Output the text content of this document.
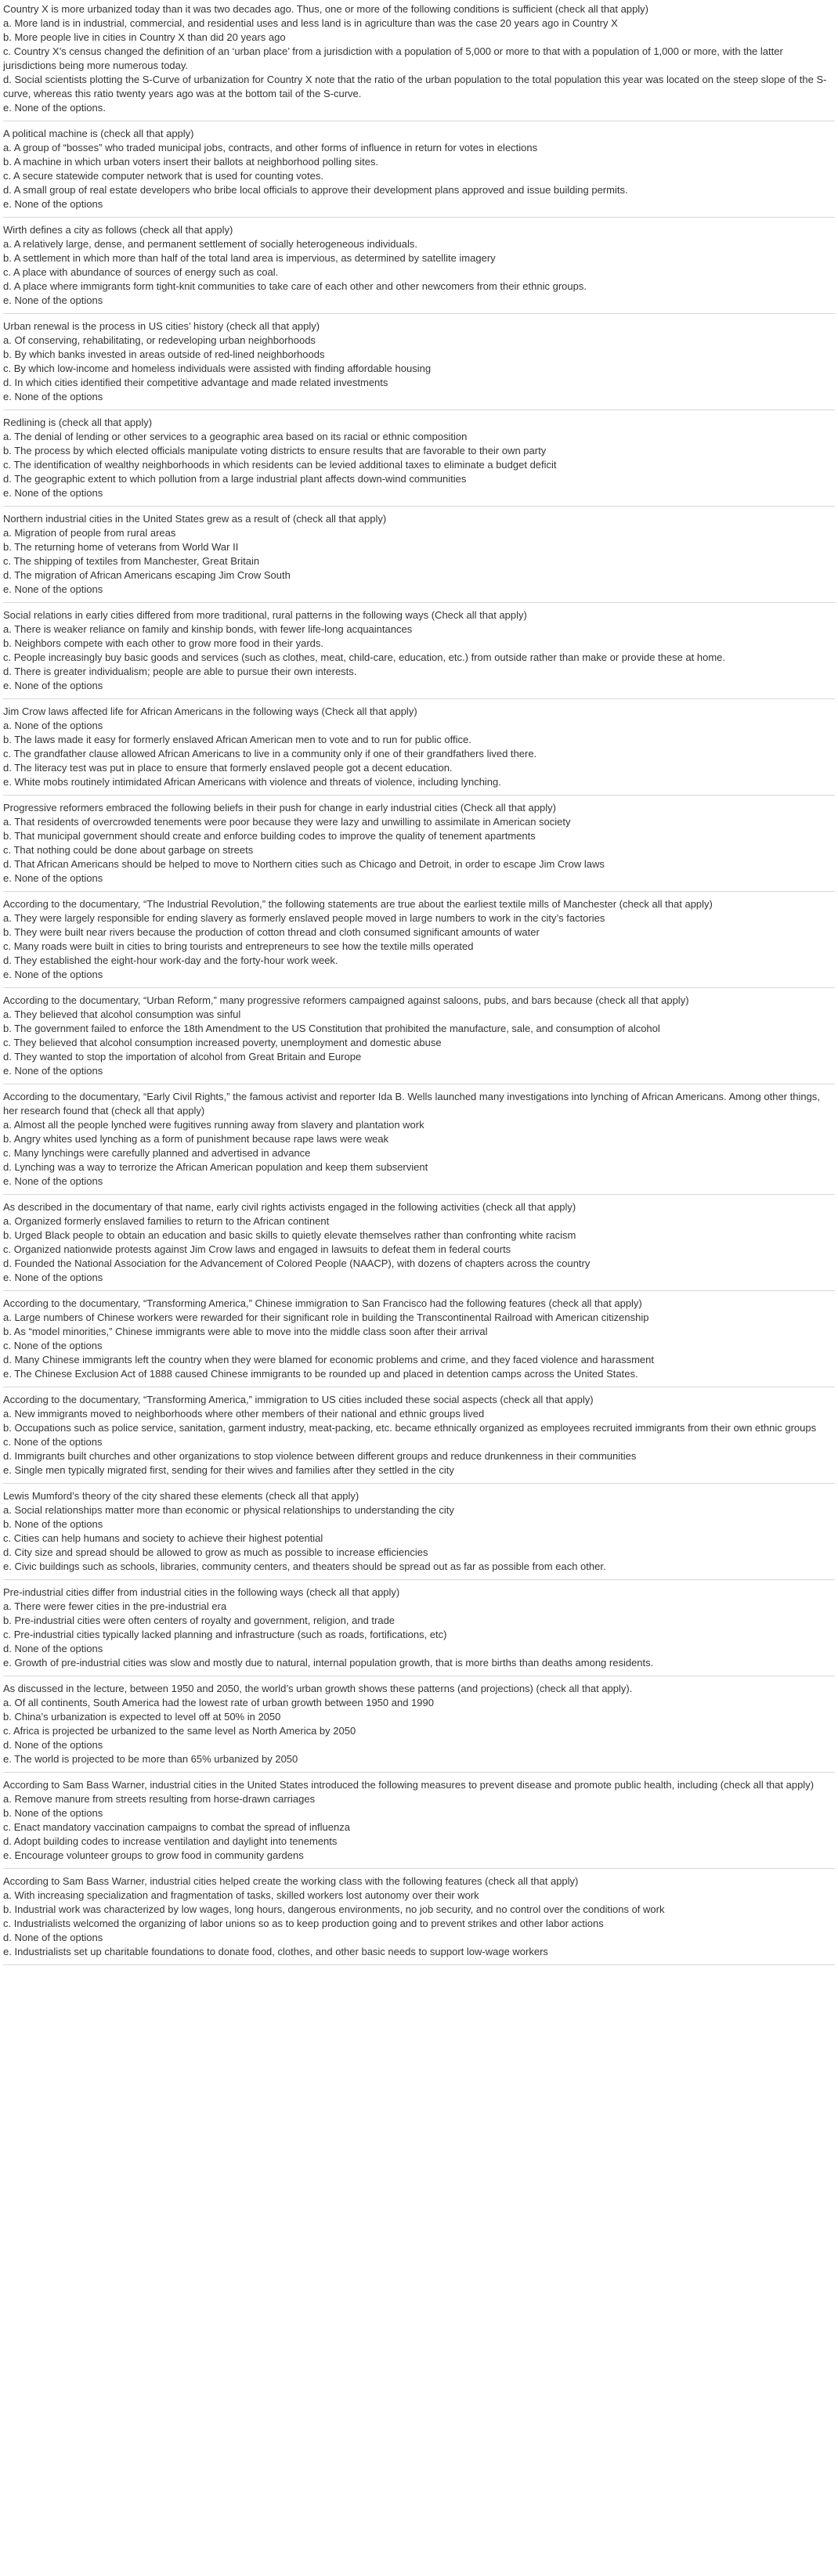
Country X is more urbanized today than it was two decades ago. Thus, one or more of the following conditions is sufficient (check all that apply)

a. More land is in industrial, commercial, and residential uses and less land is in agriculture than was the case 20 years ago in Country X

b. More people live in cities in Country X than did 20 years ago

c. Country X’s census changed the definition of an ‘urban place’ from a jurisdiction with a population of 5,000 or more to that with a population of 1,000 or more, with the latter jurisdictions being more numerous today.

d. Social scientists plotting the S-Curve of urbanization for Country X note that the ratio of the urban population to the total population this year was located on the steep slope of the S-curve, whereas this ratio twenty years ago was at the bottom tail of the S-curve.

e. None of the options.

A political machine is (check all that apply)

a. A group of “bosses” who traded municipal jobs, contracts, and other forms of influence in return for votes in elections

b. A machine in which urban voters insert their ballots at neighborhood polling sites.

c. A secure statewide computer network that is used for counting votes.

d. A small group of real estate developers who bribe local officials to approve their development plans approved and issue building permits.

e. None of the options

Wirth defines a city as follows (check all that apply)

a. A relatively large, dense, and permanent settlement of socially heterogeneous individuals.

b. A settlement in which more than half of the total land area is impervious, as determined by satellite imagery

c. A place with abundance of sources of energy such as coal.

d. A place where immigrants form tight-knit communities to take care of each other and other newcomers from their ethnic groups.

e. None of the options

Urban renewal is the process in US cities’ history (check all that apply)

a. Of conserving, rehabilitating, or redeveloping urban neighborhoods

b. By which banks invested in areas outside of red-lined neighborhoods

c. By which low-income and homeless individuals were assisted with finding affordable housing

d. In which cities identified their competitive advantage and made related investments

e. None of the options

Redlining is (check all that apply)

a. The denial of lending or other services to a geographic area based on its racial or ethnic composition

b. The process by which elected officials manipulate voting districts to ensure results that are favorable to their own party

c. The identification of wealthy neighborhoods in which residents can be levied additional taxes to eliminate a budget deficit

d. The geographic extent to which pollution from a large industrial plant affects down-wind communities

e. None of the options

Northern industrial cities in the United States grew as a result of (check all that apply)

a. Migration of people from rural areas

b. The returning home of veterans from World War II

c. The shipping of textiles from Manchester, Great Britain

d. The migration of African Americans escaping Jim Crow South

e. None of the options

Social relations in early cities differed from more traditional, rural patterns in the following ways (Check all that apply)

a. There is weaker reliance on family and kinship bonds, with fewer life-long acquaintances

b. Neighbors compete with each other to grow more food in their yards.

c. People increasingly buy basic goods and services (such as clothes, meat, child-care, education, etc.) from outside rather than make or provide these at home.

d. There is greater individualism; people are able to pursue their own interests.

e. None of the options

Jim Crow laws affected life for African Americans in the following ways (Check all that apply)

a. None of the options

b. The laws made it easy for formerly enslaved African American men to vote and to run for public office.

c. The grandfather clause allowed African Americans to live in a community only if one of their grandfathers lived there.

d. The literacy test was put in place to ensure that formerly enslaved people got a decent education.

e. White mobs routinely intimidated African Americans with violence and threats of violence, including lynching.

Progressive reformers embraced the following beliefs in their push for change in early industrial cities (Check all that apply)

a. That residents of overcrowded tenements were poor because they were lazy and unwilling to assimilate in American society

b. That municipal government should create and enforce building codes to improve the quality of tenement apartments

c. That nothing could be done about garbage on streets

d. That African Americans should be helped to move to Northern cities such as Chicago and Detroit, in order to escape Jim Crow laws

e. None of the options

According to the documentary, “The Industrial Revolution,” the following statements are true about the earliest textile mills of Manchester (check all that apply)

a. They were largely responsible for ending slavery as formerly enslaved people moved in large numbers to work in the city’s factories

b. They were built near rivers because the production of cotton thread and cloth consumed significant amounts of water

c. Many roads were built in cities to bring tourists and entrepreneurs to see how the textile mills operated

d. They established the eight-hour work-day and the forty-hour work week.

e. None of the options

According to the documentary, “Urban Reform,” many progressive reformers campaigned against saloons, pubs, and bars because (check all that apply)

a. They believed that alcohol consumption was sinful

b. The government failed to enforce the 18th Amendment to the US Constitution that prohibited the manufacture, sale, and consumption of alcohol

c. They believed that alcohol consumption increased poverty, unemployment and domestic abuse

d. They wanted to stop the importation of alcohol from Great Britain and Europe

e. None of the options

According to the documentary, “Early Civil Rights,” the famous activist and reporter Ida B. Wells launched many investigations into lynching of African Americans. Among other things, her research found that (check all that apply)

a. Almost all the people lynched were fugitives running away from slavery and plantation work

b. Angry whites used lynching as a form of punishment because rape laws were weak

c. Many lynchings were carefully planned and advertised in advance

d. Lynching was a way to terrorize the African American population and keep them subservient

e. None of the options

As described in the documentary of that name, early civil rights activists engaged in the following activities (check all that apply)

a. Organized formerly enslaved families to return to the African continent

b. Urged Black people to obtain an education and basic skills to quietly elevate themselves rather than confronting white racism

c. Organized nationwide protests against Jim Crow laws and engaged in lawsuits to defeat them in federal courts

d. Founded the National Association for the Advancement of Colored People (NAACP), with dozens of chapters across the country

e. None of the options

According to the documentary, “Transforming America,” Chinese immigration to San Francisco had the following features (check all that apply)

a. Large numbers of Chinese workers were rewarded for their significant role in building the Transcontinental Railroad with American citizenship

b. As “model minorities,” Chinese immigrants were able to move into the middle class soon after their arrival

c. None of the options

d. Many Chinese immigrants left the country when they were blamed for economic problems and crime, and they faced violence and harassment

e. The Chinese Exclusion Act of 1888 caused Chinese immigrants to be rounded up and placed in detention camps across the United States.

According to the documentary, “Transforming America,” immigration to US cities included these social aspects (check all that apply)

a. New immigrants moved to neighborhoods where other members of their national and ethnic groups lived

b. Occupations such as police service, sanitation, garment industry, meat-packing, etc. became ethnically organized as employees recruited immigrants from their own ethnic groups

c. None of the options

d. Immigrants built churches and other organizations to stop violence between different groups and reduce drunkenness in their communities

e. Single men typically migrated first, sending for their wives and families after they settled in the city

Lewis Mumford’s theory of the city shared these elements (check all that apply)

a. Social relationships matter more than economic or physical relationships to understanding the city

b. None of the options

c. Cities can help humans and society to achieve their highest potential

d. City size and spread should be allowed to grow as much as possible to increase efficiencies

e. Civic buildings such as schools, libraries, community centers, and theaters should be spread out as far as possible from each other.

Pre-industrial cities differ from industrial cities in the following ways (check all that apply)

a. There were fewer cities in the pre-industrial era

b. Pre-industrial cities were often centers of royalty and government, religion, and trade

c. Pre-industrial cities typically lacked planning and infrastructure (such as roads, fortifications, etc)

d. None of the options

e. Growth of pre-industrial cities was slow and mostly due to natural, internal population growth, that is more births than deaths among residents.

As discussed in the lecture, between 1950 and 2050, the world’s urban growth shows these patterns (and projections) (check all that apply).

a. Of all continents, South America had the lowest rate of urban growth between 1950 and 1990

b. China’s urbanization is expected to level off at 50% in 2050

c. Africa is projected be urbanized to the same level as North America by 2050

d. None of the options

e. The world is projected to be more than 65% urbanized by 2050

According to Sam Bass Warner, industrial cities in the United States introduced the following measures to prevent disease and promote public health, including (check all that apply)

a. Remove manure from streets resulting from horse-drawn carriages

b. None of the options

c. Enact mandatory vaccination campaigns to combat the spread of influenza

d. Adopt building codes to increase ventilation and daylight into tenements

e. Encourage volunteer groups to grow food in community gardens

According to Sam Bass Warner, industrial cities helped create the working class with the following features (check all that apply)

a. With increasing specialization and fragmentation of tasks, skilled workers lost autonomy over their work

b. Industrial work was characterized by low wages, long hours, dangerous environments, no job security, and no control over the conditions of work

c. Industrialists welcomed the organizing of labor unions so as to keep production going and to prevent strikes and other labor actions

d. None of the options

e. Industrialists set up charitable foundations to donate food, clothes, and other basic needs to support low-wage workers
